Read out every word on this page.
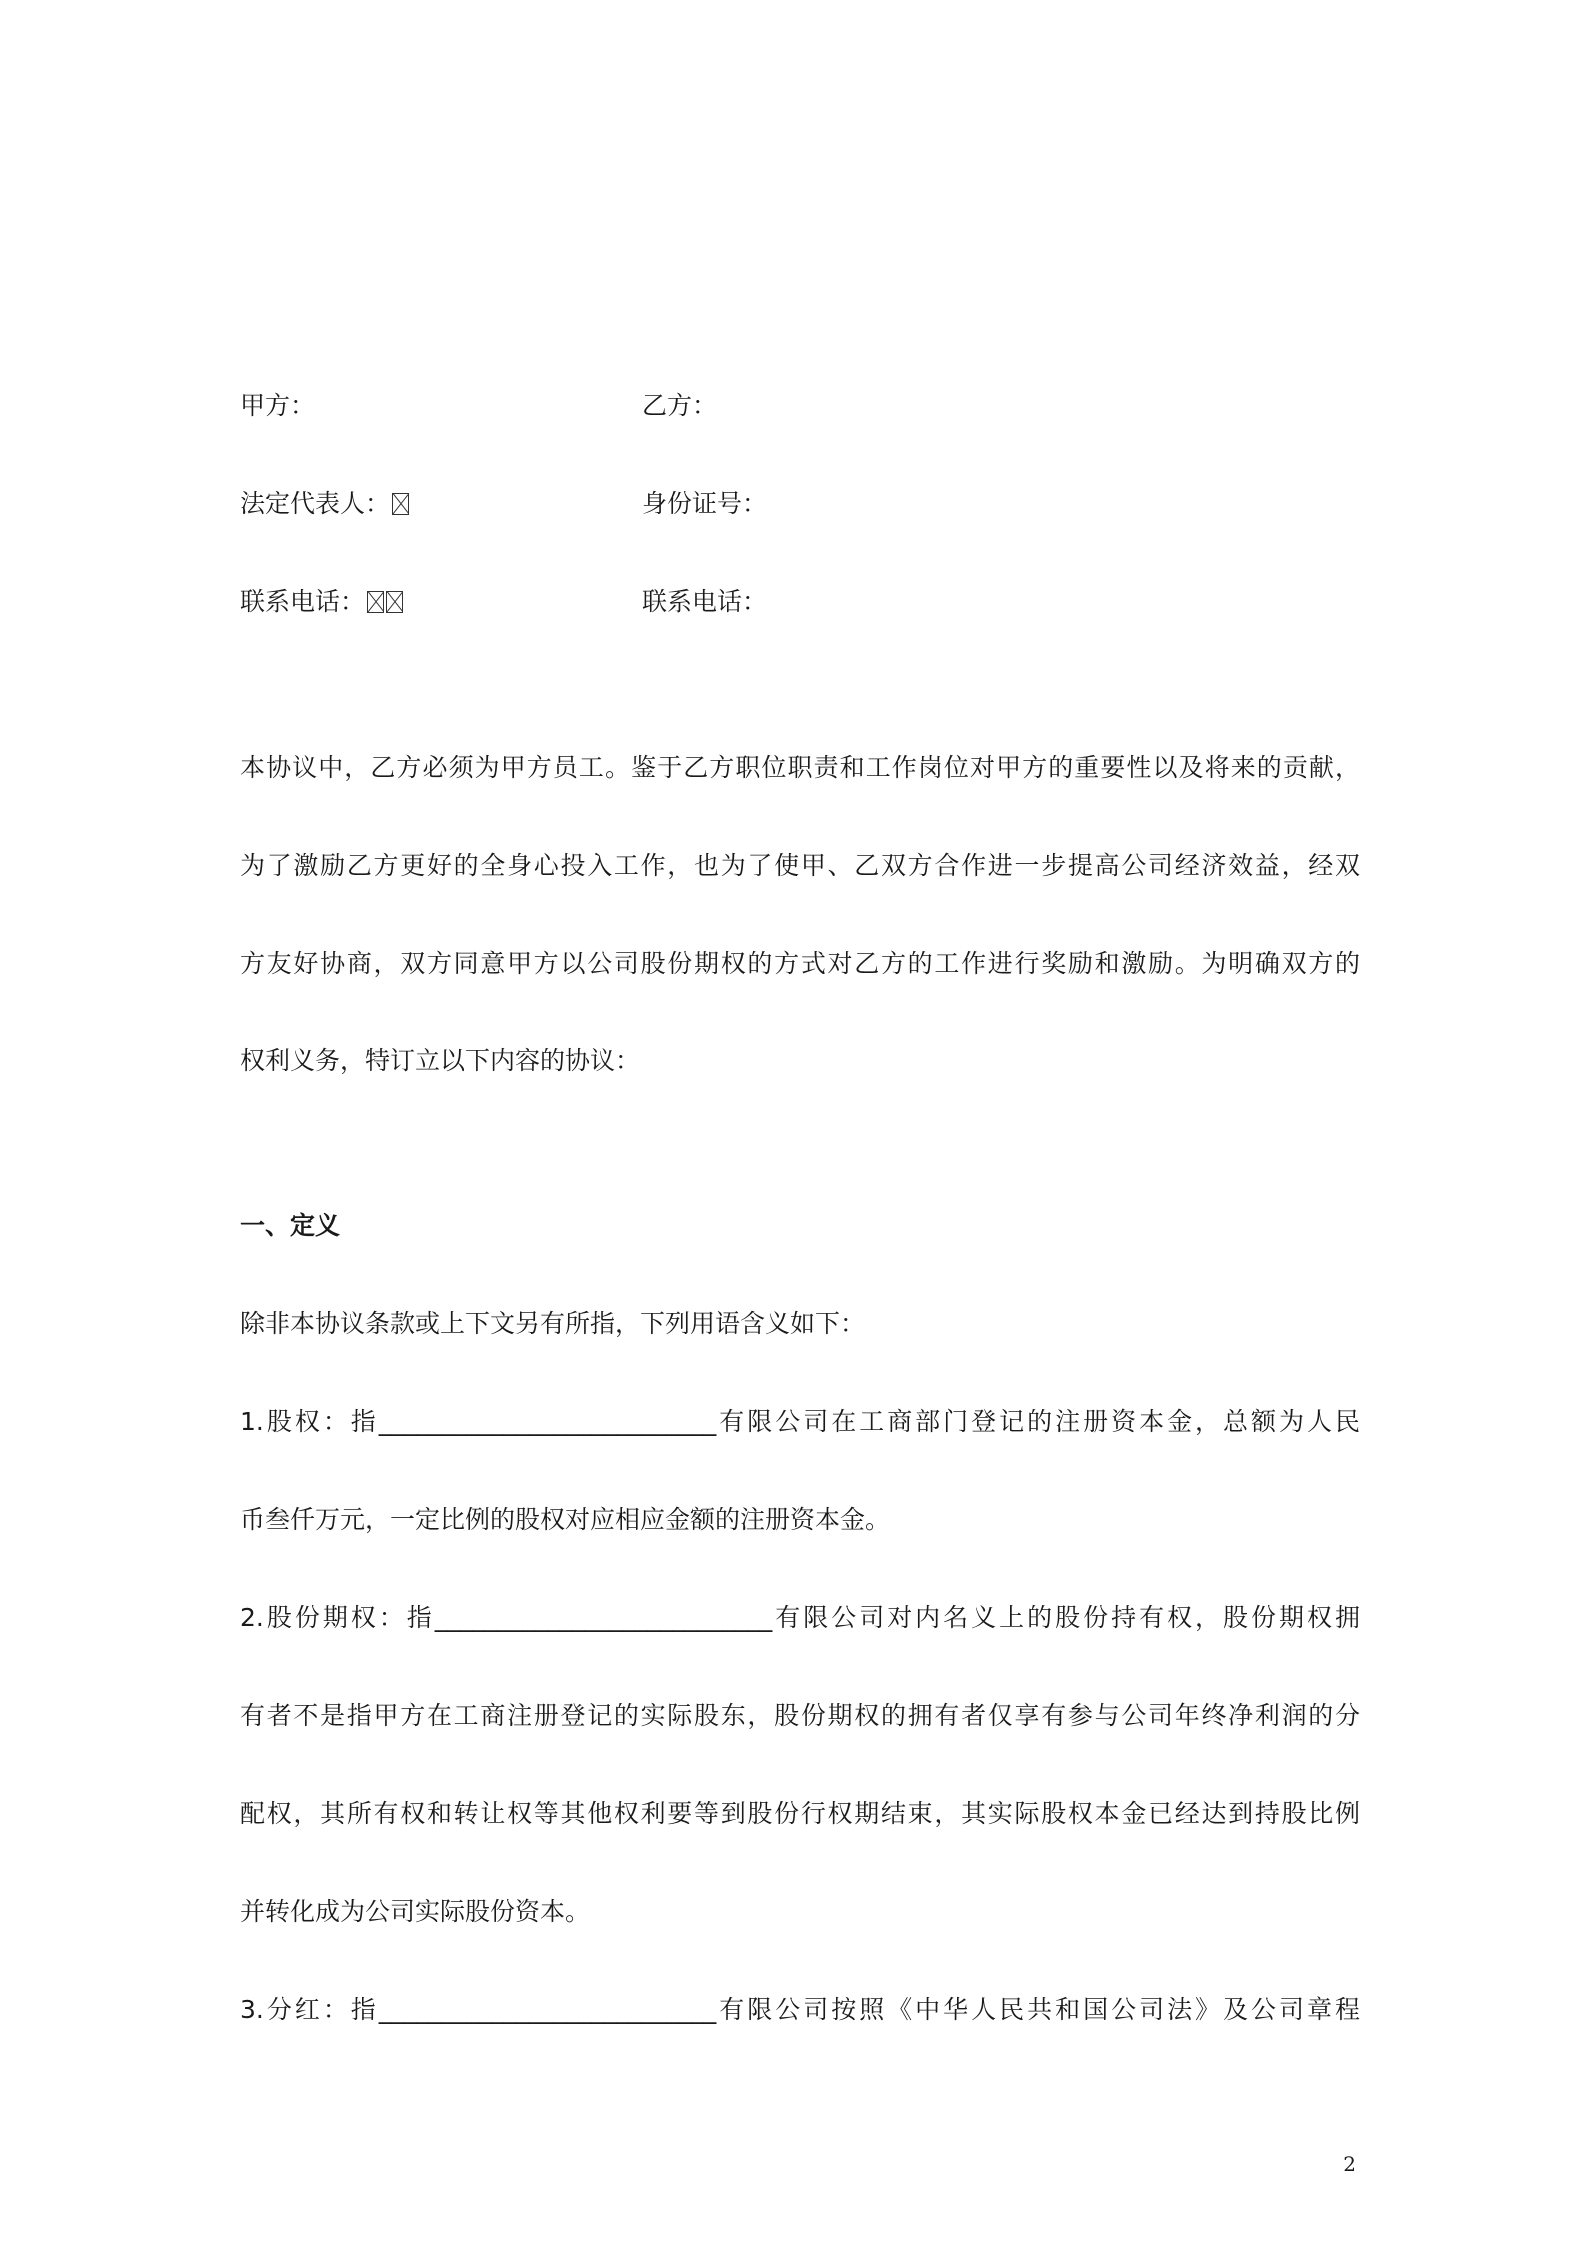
甲方：	乙方：
法定代表人：	身份证号：
联系电话：	联系电话：
本协议中，乙方必须为甲方员工。鉴于乙方职位职责和工作岗位对甲方的重要性以及将来的贡献，
为了激励乙方更好的全身心投入工作，也为了使甲、乙双方合作进一步提高公司经济效益，经双
方友好协商，双方同意甲方以公司股份期权的方式对乙方的工作进行奖励和激励。为明确双方的
权利义务，特订立以下内容的协议：
一、定义
除非本协议条款或上下文另有所指，下列用语含义如下：
1.股权：指___________________________有限公司在工商部门登记的注册资本金，总额为人民
币叁仟万元，一定比例的股权对应相应金额的注册资本金。
2.股份期权：指___________________________有限公司对内名义上的股份持有权，股份期权拥
有者不是指甲方在工商注册登记的实际股东，股份期权的拥有者仅享有参与公司年终净利润的分
配权，其所有权和转让权等其他权利要等到股份行权期结束，其实际股权本金已经达到持股比例
并转化成为公司实际股份资本。
3.分红：指___________________________有限公司按照《中华人民共和国公司法》及公司章程
2
